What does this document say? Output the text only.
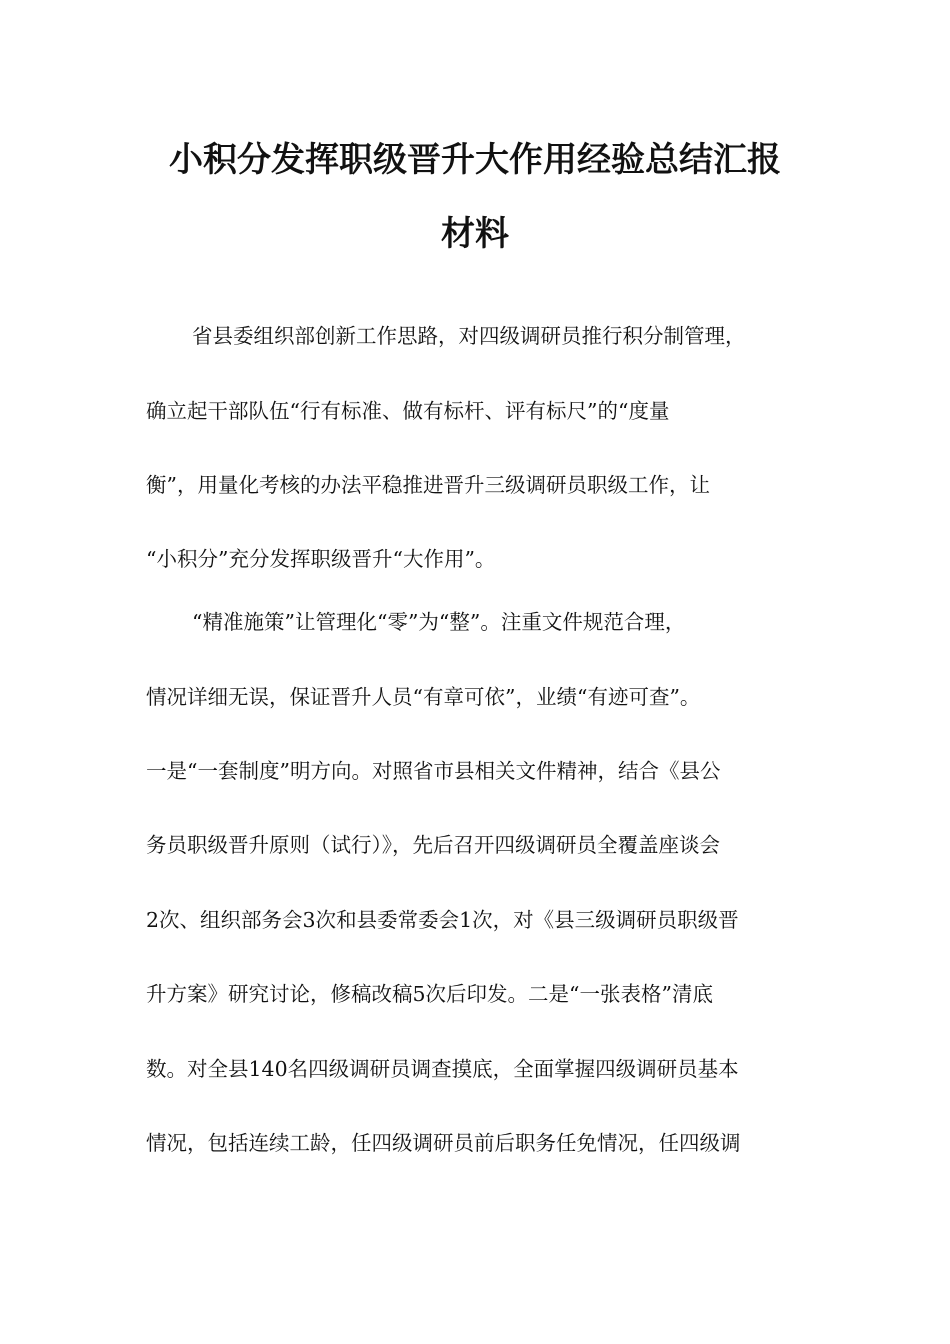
小积分发挥职级晋升大作用经验总结汇报
材料
省县委组织部创新工作思路，对四级调研员推行积分制管理，
确立起干部队伍“行有标准、做有标杆、评有标尺”的“度量
衡”，用量化考核的办法平稳推进晋升三级调研员职级工作，让
“小积分”充分发挥职级晋升“大作用”。
“精准施策”让管理化“零”为“整”。注重文件规范合理，
情况详细无误，保证晋升人员“有章可依”，业绩“有迹可查”。
一是“一套制度”明方向。对照省市县相关文件精神，结合《县公
务员职级晋升原则（试行）》，先后召开四级调研员全覆盖座谈会
2次、组织部务会3次和县委常委会1次，对《县三级调研员职级晋
升方案》研究讨论，修稿改稿5次后印发。二是“一张表格”清底
数。对全县140名四级调研员调查摸底，全面掌握四级调研员基本
情况，包括连续工龄，任四级调研员前后职务任免情况，任四级调
